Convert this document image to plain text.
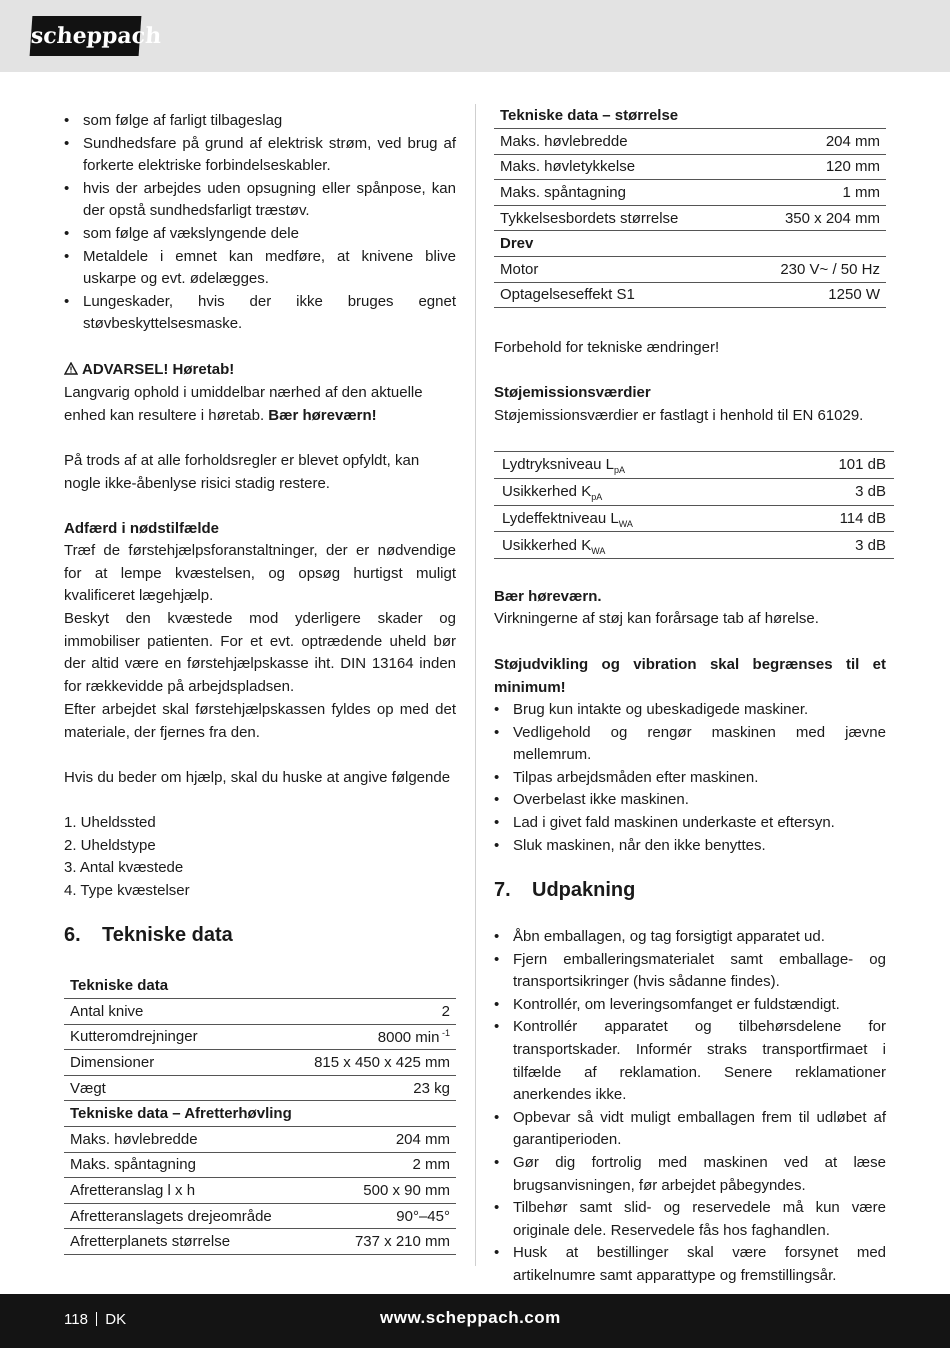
scheppach
• som følge af farligt tilbageslag
• Sundhedsfare på grund af elektrisk strøm, ved brug af forkerte elektriske forbindelseskabler.
• hvis der arbejdes uden opsugning eller spånpose, kan der opstå sundhedsfarligt træstøv.
• som følge af vækslyngende dele
• Metaldele i emnet kan medføre, at knivene blive uskarpe og evt. ødelægges.
• Lungeskader, hvis der ikke bruges egnet støvbeskyttelsesmaske.
ADVARSEL! Høretab!
Langvarig ophold i umiddelbar nærhed af den aktuelle enhed kan resultere i høretab. Bær høreværn!
På trods af at alle forholdsregler er blevet opfyldt, kan nogle ikke-åbenlyse risici stadig restere.
Adfærd i nødstilfælde
Træf de førstehjælpsforanstaltninger, der er nødvendige for at lempe kvæstelsen, og opsøg hurtigst muligt kvalificeret lægehjælp.
Beskyt den kvæstede mod yderligere skader og immobiliser patienten. For et evt. optrædende uheld bør der altid være en førstehjælpskasse iht. DIN 13164 inden for rækkevidde på arbejdspladsen.
Efter arbejdet skal førstehjælpskassen fyldes op med det materiale, der fjernes fra den.
Hvis du beder om hjælp, skal du huske at angive følgende
1. Uheldssted
2. Uheldstype
3. Antal kvæstede
4. Type kvæstelser
6. Tekniske data
Tekniske data	
Antal knive	2
Kutteromdrejninger	8000 min $^{-1}$
Dimensioner	815 x 450 x 425 mm
Vægt	23 kg
Tekniske data – Afretterhøvling	
Maks. høvlebredde	204 mm
Maks. spåntagning	2 mm
Afretteranslag l x h	500 x 90 mm
Afretteranslagets drejeområde	90°–45°
Afretterplanets størrelse	737 x 210 mm
Tekniske data – størrelse	
Maks. høvlebredde	204 mm
Maks. høvletykkelse	120 mm
Maks. spåntagning	1 mm
Tykkelsesbordets størrelse	350 x 204 mm
Drev	
Motor	230 V~ / 50 Hz
Optagelseseffekt S1	1250 W
Forbehold for tekniske ændringer!
Støjemissionsværdier
Støjemissionsværdier er fastlagt i henhold til EN 61029.
Lydtryksniveau $L_{pA}$	101 dB
Usikkerhed $K_{pA}$	3 dB
Lydeffektniveau $L_{WA}$	114 dB
Usikkerhed $K_{WA}$	3 dB
Bær høreværn.
Virkningerne af støj kan forårsage tab af hørelse.
Støjudvikling og vibration skal begrænses til et minimum!
• Brug kun intakte og ubeskadigede maskiner.
• Vedligehold og rengør maskinen med jævne mellemrum.
• Tilpas arbejdsmåden efter maskinen.
• Overbelast ikke maskinen.
• Lad i givet fald maskinen underkaste et eftersyn.
• Sluk maskinen, når den ikke benyttes.
7. Udpakning
• Åbn emballagen, og tag forsigtigt apparatet ud.
• Fjern emballeringsmaterialet samt emballage- og transportsikringer (hvis sådanne findes).
• Kontrollér, om leveringsomfanget er fuldstændigt.
• Kontrollér apparatet og tilbehørsdelene for transportskader. Informér straks transportfirmaet i tilfælde af reklamation. Senere reklamationer anerkendes ikke.
• Opbevar så vidt muligt emballagen frem til udløbet af garantiperioden.
• Gør dig fortrolig med maskinen ved at læse brugsanvisningen, før arbejdet påbegyndes.
• Tilbehør samt slid- og reservedele må kun være originale dele. Reservedele fås hos faghandlen.
• Husk at bestillinger skal være forsynet med artikelnumre samt apparattype og fremstillingsår.
118 DK	www.scheppach.com
